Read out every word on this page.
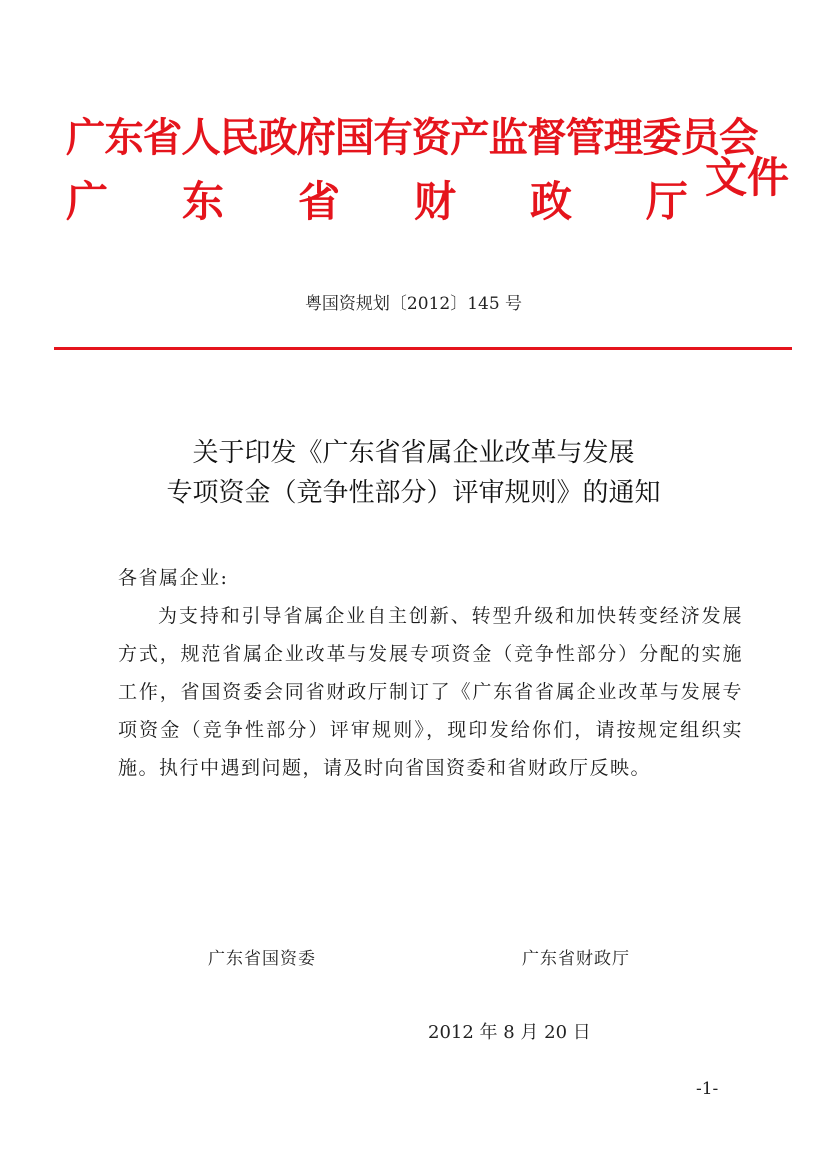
广东省人民政府国有资产监督管理委员会
广 东 省 财 政 厅 文件
粤国资规划〔2012〕145 号
关于印发《广东省省属企业改革与发展
专项资金（竞争性部分）评审规则》的通知

各省属企业:

为支持和引导省属企业自主创新、转型升级和加快转变经济发展方式，规范省属企业改革与发展专项资金（竞争性部分）分配的实施工作，省国资委会同省财政厅制订了《广东省省属企业改革与发展专项资金（竞争性部分）评审规则》，现印发给你们，请按规定组织实施。执行中遇到问题，请及时向省国资委和省财政厅反映。

广东省国资委	广东省财政厅
2012 年 8 月 20 日
-1-
